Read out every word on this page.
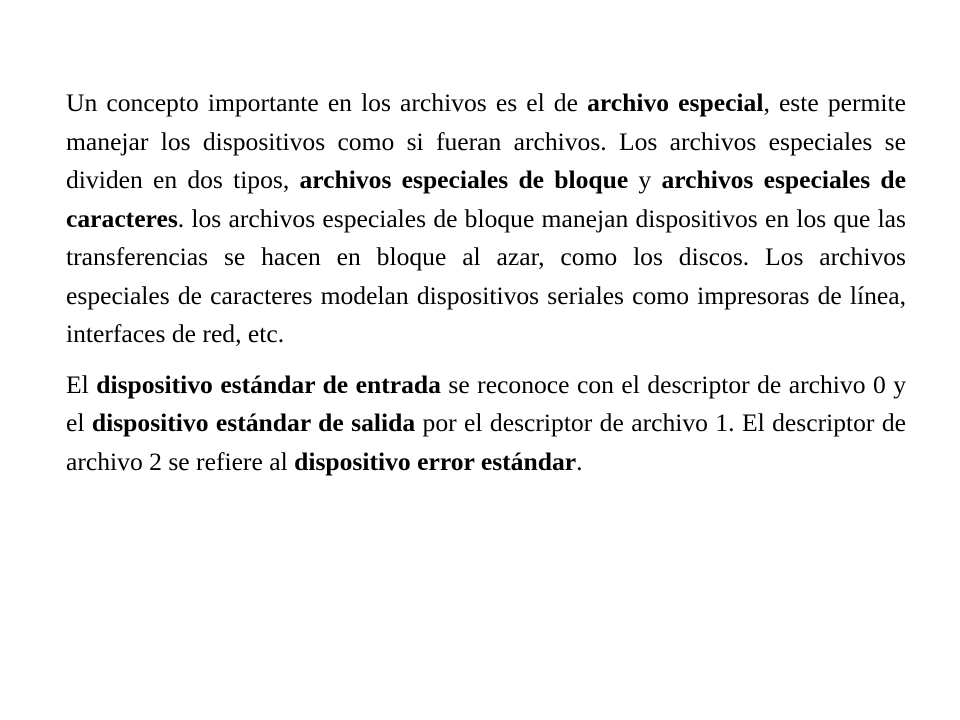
Un concepto importante en los archivos es el de archivo especial, este permite manejar los dispositivos como si fueran archivos. Los archivos especiales se dividen en dos tipos, archivos especiales de bloque y archivos especiales de caracteres. los archivos especiales de bloque manejan dispositivos en los que las transferencias se hacen en bloque al azar, como los discos. Los archivos especiales de caracteres modelan dispositivos seriales como impresoras de línea, interfaces de red, etc.

El dispositivo estándar de entrada se reconoce con el descriptor de archivo 0 y el dispositivo estándar de salida por el descriptor de archivo 1. El descriptor de archivo 2 se refiere al dispositivo error estándar.
